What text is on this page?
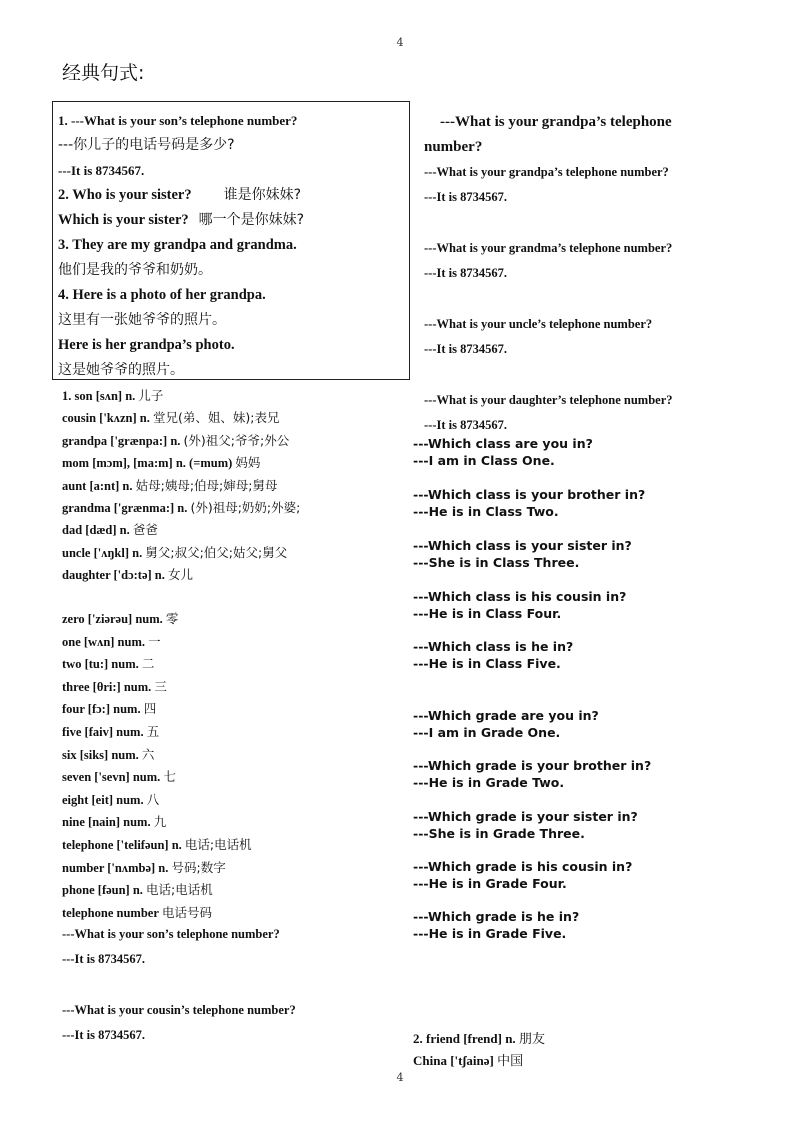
4
经典句式:
1. ---What is your son’s telephone number?
---你儿子的电话号码是多少?
---It is 8734567.
2. Who is your sister? 谁是你妹妹?
Which is your sister? 哪一个是你妹妹?
3. They are my grandpa and grandma.
他们是我的爷爷和奶奶。
4. Here is a photo of her grandpa.
这里有一张她爷爷的照片。
Here is her grandpa’s photo.
这是她爷爷的照片。
1. son [sʌn] n. 儿子
cousin ['kʌzn] n. 堂兄(弟、姐、妹);表兄
grandpa ['grænpa:] n. (外)祖父;爷爷;外公
mom [mɔm], [ma:m] n. (=mum) 妈妈
aunt [a:nt] n. 姑母;姨母;伯母;婶母;舅母
grandma ['grænma:] n. (外)祖母;奶奶;外婆;
dad [dæd] n. 爸爸
uncle ['ʌŋkl] n. 舅父;叔父;伯父;姑父;舅父
daughter ['dɔ:tə] n. 女儿
zero ['ziərəu] num. 零
one [wʌn] num. 一
two [tu:] num. 二
three [θri:] num. 三
four [fɔ:] num. 四
five [faiv] num. 五
six [siks] num. 六
seven ['sevn] num. 七
eight [eit] num. 八
nine [nain] num. 九
telephone ['telifəun] n. 电话;电话机
number ['nʌmbə] n. 号码;数字
phone [fəun] n. 电话;电话机
telephone number 电话号码
---What is your son’s telephone number?
---It is 8734567.
---What is your cousin’s telephone number?
---It is 8734567.
---What is your grandpa’s telephone
number?
---What is your grandpa’s telephone number?
---It is 8734567.
---What is your grandma’s telephone number?
---It is 8734567.
---What is your uncle’s telephone number?
---It is 8734567.
---What is your daughter’s telephone number?
---It is 8734567.
---Which class are you in?
---I am in Class One.
---Which class is your brother in?
---He is in Class Two.
---Which class is your sister in?
---She is in Class Three.
---Which class is his cousin in?
---He is in Class Four.
---Which class is he in?
---He is in Class Five.
---Which grade are you in?
---I am in Grade One.
---Which grade is your brother in?
---He is in Grade Two.
---Which grade is your sister in?
---She is in Grade Three.
---Which grade is his cousin in?
---He is in Grade Four.
---Which grade is he in?
---He is in Grade Five.
2. friend [frend] n. 朋友
China ['tʃainə] 中国
4
